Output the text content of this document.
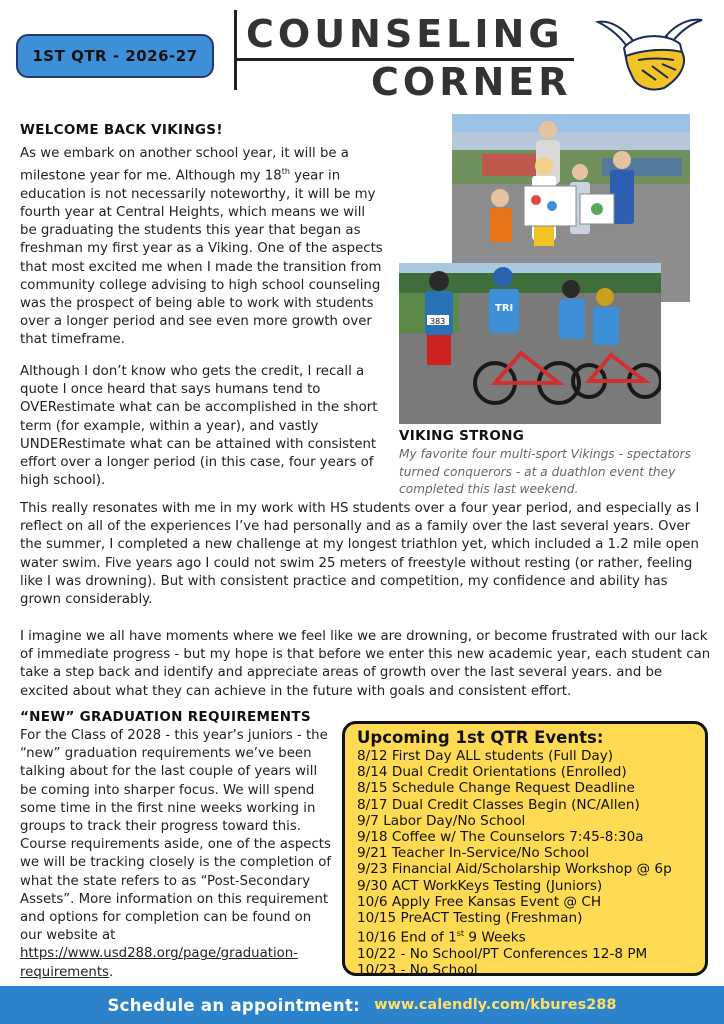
1ST QTR - 2026-27	COUNSELING
CORNER
WELCOME BACK VIKINGS!
As we embark on another school year, it will be a milestone year for me. Although my 18th year in education is not necessarily noteworthy, it will be my fourth year at Central Heights, which means we will be graduating the students this year that began as freshman my first year as a Viking. One of the aspects that most excited me when I made the transition from community college advising to high school counseling was the prospect of being able to work with students over a longer period and see even more growth over that timeframe.
Although I don’t know who gets the credit, I recall a quote I once heard that says humans tend to OVERestimate what can be accomplished in the short term (for example, within a year), and vastly UNDERestimate what can be attained with consistent effort over a longer period (in this case, four years of high school).
383
TRI
VIKING STRONG
My favorite four multi-sport Vikings - spectators turned conquerors - at a duathlon event they completed this last weekend.
This really resonates with me in my work with HS students over a four year period, and especially as I reflect on all of the experiences I’ve had personally and as a family over the last several years. Over the summer, I completed a new challenge at my longest triathlon yet, which included a 1.2 mile open water swim. Five years ago I could not swim 25 meters of freestyle without resting (or rather, feeling like I was drowning). But with consistent practice and competition, my confidence and ability has grown considerably.
I imagine we all have moments where we feel like we are drowning, or become frustrated with our lack of immediate progress - but my hope is that before we enter this new academic year, each student can take a step back and identify and appreciate areas of growth over the last several years. and be excited about what they can achieve in the future with goals and consistent effort.
“NEW” GRADUATION REQUIREMENTS
For the Class of 2028 - this year’s juniors - the “new” graduation requirements we’ve been talking about for the last couple of years will be coming into sharper focus. We will spend some time in the first nine weeks working in groups to track their progress toward this. Course requirements aside, one of the aspects we will be tracking closely is the completion of what the state refers to as “Post-Secondary Assets”. More information on this requirement and options for completion can be found on our website at https://www.usd288.org/page/graduation-requirements.
Upcoming 1st QTR Events:
8/12 First Day ALL students (Full Day)
8/14 Dual Credit Orientations (Enrolled)
8/15 Schedule Change Request Deadline
8/17 Dual Credit Classes Begin (NC/Allen)
9/7 Labor Day/No School
9/18 Coffee w/ The Counselors 7:45-8:30a
9/21 Teacher In-Service/No School
9/23 Financial Aid/Scholarship Workshop @ 6p
9/30 ACT WorkKeys Testing (Juniors)
10/6 Apply Free Kansas Event @ CH
10/15 PreACT Testing (Freshman)
10/16 End of 1st 9 Weeks
10/22 - No School/PT Conferences 12-8 PM
10/23 - No School
Schedule an appointment: www.calendly.com/kbures288
